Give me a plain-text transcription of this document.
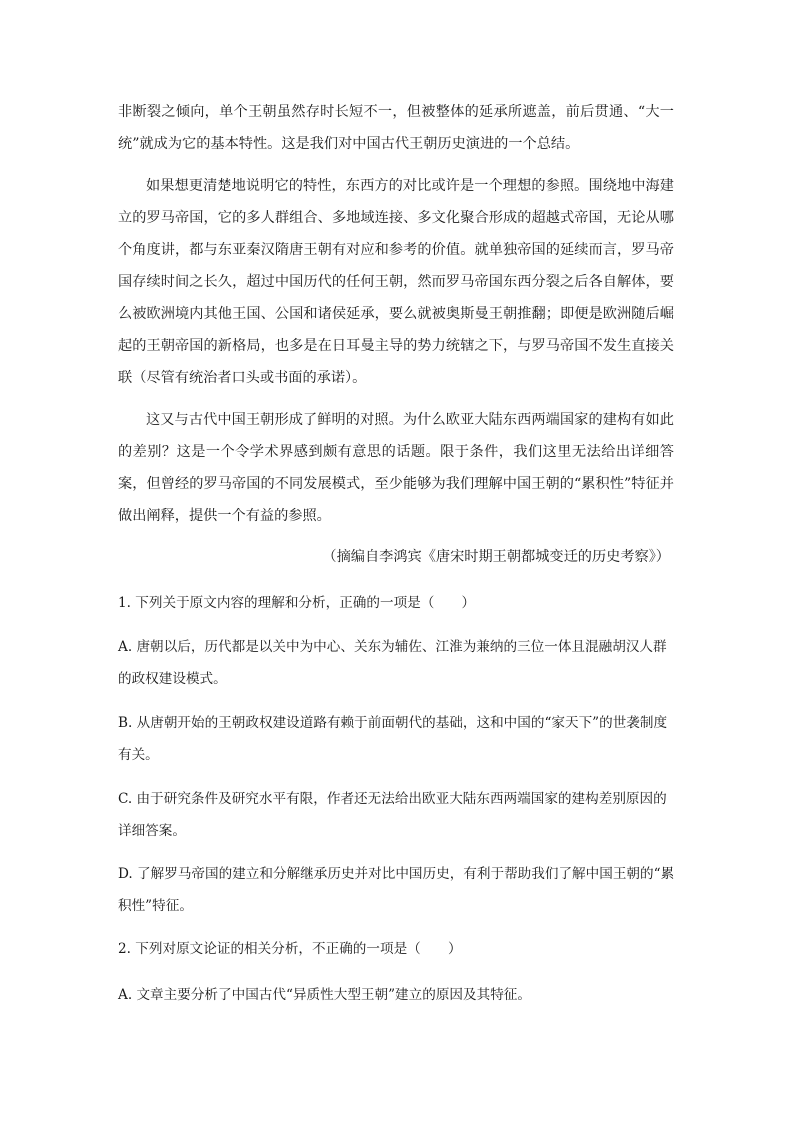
非断裂之倾向，单个王朝虽然存时长短不一，但被整体的延承所遮盖，前后贯通、“大一统”就成为它的基本特性。这是我们对中国古代王朝历史演进的一个总结。

如果想更清楚地说明它的特性，东西方的对比或许是一个理想的参照。围绕地中海建立的罗马帝国，它的多人群组合、多地域连接、多文化聚合形成的超越式帝国，无论从哪个角度讲，都与东亚秦汉隋唐王朝有对应和参考的价值。就单独帝国的延续而言，罗马帝国存续时间之长久，超过中国历代的任何王朝，然而罗马帝国东西分裂之后各自解体，要么被欧洲境内其他王国、公国和诸侯延承，要么就被奥斯曼王朝推翻；即便是欧洲随后崛起的王朝帝国的新格局，也多是在日耳曼主导的势力统辖之下，与罗马帝国不发生直接关联（尽管有统治者口头或书面的承诺）。

这又与古代中国王朝形成了鲜明的对照。为什么欧亚大陆东西两端国家的建构有如此的差别？这是一个令学术界感到颇有意思的话题。限于条件，我们这里无法给出详细答案，但曾经的罗马帝国的不同发展模式，至少能够为我们理解中国王朝的“累积性”特征并做出阐释，提供一个有益的参照。

（摘编自李鸿宾《唐宋时期王朝都城变迁的历史考察》）

1. 下列关于原文内容的理解和分析，正确的一项是（　　）

A. 唐朝以后，历代都是以关中为中心、关东为辅佐、江淮为兼纳的三位一体且混融胡汉人群的政权建设模式。

B. 从唐朝开始的王朝政权建设道路有赖于前面朝代的基础，这和中国的“家天下”的世袭制度有关。

C. 由于研究条件及研究水平有限，作者还无法给出欧亚大陆东西两端国家的建构差别原因的详细答案。

D. 了解罗马帝国的建立和分解继承历史并对比中国历史，有利于帮助我们了解中国王朝的“累积性”特征。

2. 下列对原文论证的相关分析，不正确的一项是（　　）

A. 文章主要分析了中国古代“异质性大型王朝”建立的原因及其特征。
